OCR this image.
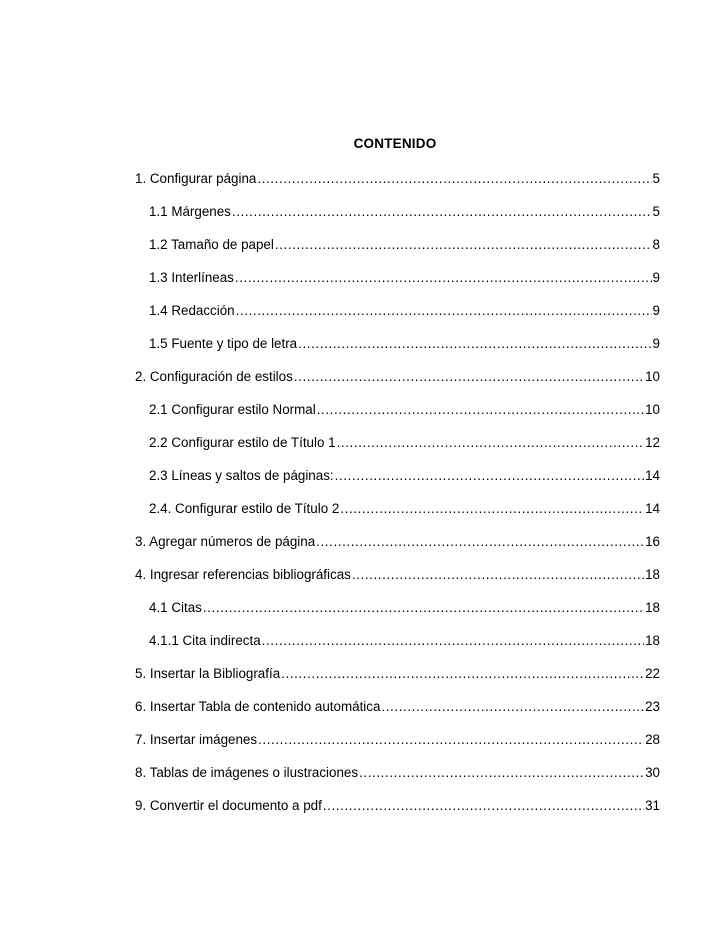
CONTENIDO
1. Configurar página .....	5
1.1 Márgenes .....	5
1.2 Tamaño de papel .....	8
1.3 Interlíneas .....	9
1.4 Redacción .....	9
1.5 Fuente y tipo de letra .....	9
2. Configuración de estilos .....	10
2.1 Configurar estilo Normal .....	10
2.2 Configurar estilo de Título 1 .....	12
2.3 Líneas y saltos de páginas: .....	14
2.4. Configurar estilo de Título 2 .....	14
3. Agregar números de página .....	16
4. Ingresar referencias bibliográficas .....	18
4.1 Citas .....	18
4.1.1 Cita indirecta .....	18
5. Insertar la Bibliografía .....	22
6. Insertar Tabla de contenido automática .....	23
7. Insertar imágenes .....	28
8. Tablas de imágenes o ilustraciones .....	30
9. Convertir el documento a pdf .....	31
